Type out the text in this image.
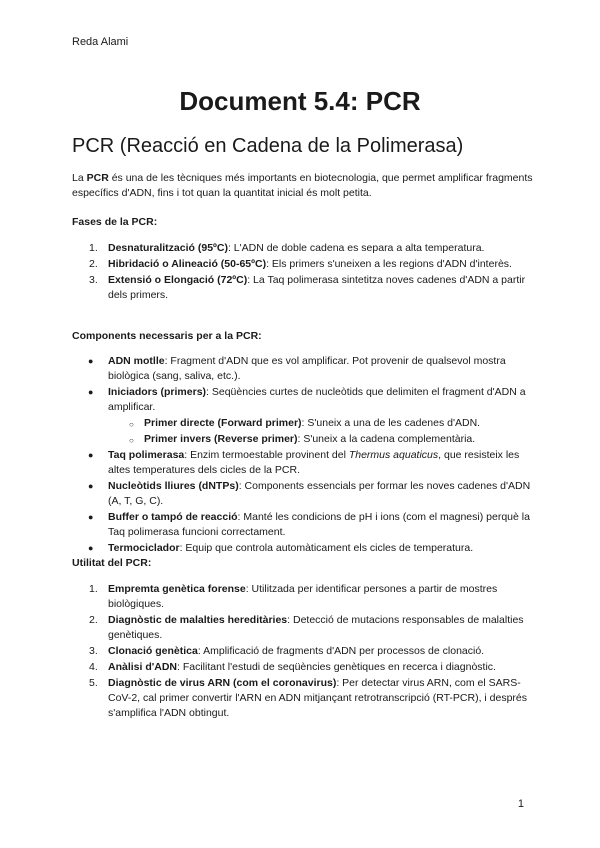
Reda Alami
Document 5.4: PCR
PCR (Reacció en Cadena de la Polimerasa)

La PCR és una de les tècniques més importants en biotecnologia, que permet amplificar fragments específics d'ADN, fins i tot quan la quantitat inicial és molt petita.

Fases de la PCR:
1. Desnaturalització (95ºC): L'ADN de doble cadena es separa a alta temperatura.
2. Hibridació o Alineació (50-65ºC): Els primers s'uneixen a les regions d'ADN d'interès.
3. Extensió o Elongació (72ºC): La Taq polimerasa sintetitza noves cadenes d'ADN a partir dels primers.
Components necessaris per a la PCR:
● ADN motlle: Fragment d'ADN que es vol amplificar. Pot provenir de qualsevol mostra biològica (sang, saliva, etc.).
● Iniciadors (primers): Seqüències curtes de nucleòtids que delimiten el fragment d'ADN a amplificar.
○ Primer directe (Forward primer): S'uneix a una de les cadenes d'ADN.
○ Primer invers (Reverse primer): S'uneix a la cadena complementària.
● Taq polimerasa: Enzim termoestable provinent del Thermus aquaticus, que resisteix les altes temperatures dels cicles de la PCR.
● Nucleòtids lliures (dNTPs): Components essencials per formar les noves cadenes d'ADN (A, T, G, C).
● Buffer o tampó de reacció: Manté les condicions de pH i ions (com el magnesi) perquè la Taq polimerasa funcioni correctament.
● Termociclador: Equip que controla automàticament els cicles de temperatura.
Utilitat del PCR:
1. Empremta genètica forense: Utilitzada per identificar persones a partir de mostres biològiques.
2. Diagnòstic de malalties hereditàries: Detecció de mutacions responsables de malalties genètiques.
3. Clonació genètica: Amplificació de fragments d'ADN per processos de clonació.
4. Anàlisi d'ADN: Facilitant l'estudi de seqüències genètiques en recerca i diagnòstic.
5. Diagnòstic de virus ARN (com el coronavirus): Per detectar virus ARN, com el SARS-CoV-2, cal primer convertir l'ARN en ADN mitjançant retrotranscripció (RT-PCR), i després s'amplifica l'ADN obtingut.
1
